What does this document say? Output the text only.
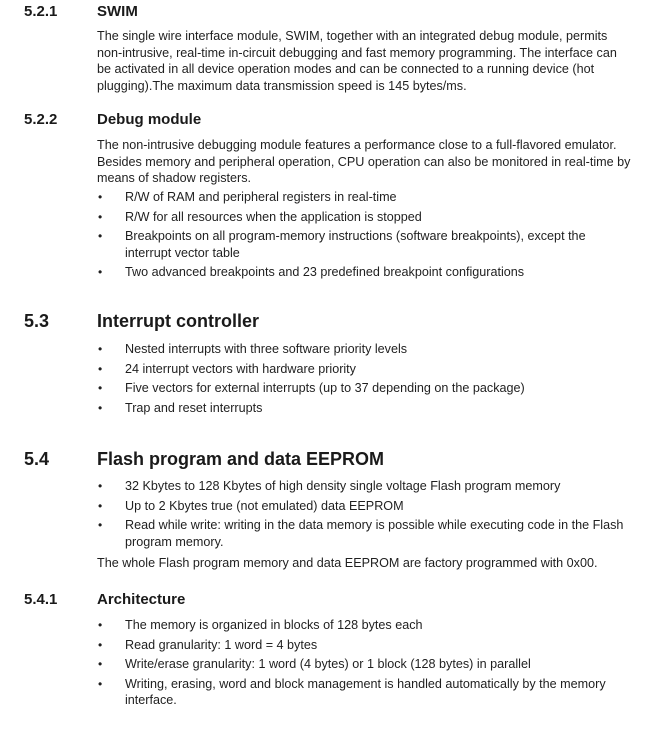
5.2.1	SWIM

The single wire interface module, SWIM, together with an integrated debug module, permits non-intrusive, real-time in-circuit debugging and fast memory programming. The interface can be activated in all device operation modes and can be connected to a running device (hot plugging).The maximum data transmission speed is 145 bytes/ms.

5.2.2	Debug module

The non-intrusive debugging module features a performance close to a full-flavored emulator. Besides memory and peripheral operation, CPU operation can also be monitored in real-time by means of shadow registers.

• R/W of RAM and peripheral registers in real-time
• R/W for all resources when the application is stopped
• Breakpoints on all program-memory instructions (software breakpoints), except the interrupt vector table
• Two advanced breakpoints and 23 predefined breakpoint configurations
5.3	Interrupt controller
• Nested interrupts with three software priority levels
• 24 interrupt vectors with hardware priority
• Five vectors for external interrupts (up to 37 depending on the package)
• Trap and reset interrupts
5.4	Flash program and data EEPROM
• 32 Kbytes to 128 Kbytes of high density single voltage Flash program memory
• Up to 2 Kbytes true (not emulated) data EEPROM
• Read while write: writing in the data memory is possible while executing code in the Flash program memory.

The whole Flash program memory and data EEPROM are factory programmed with 0x00.

5.4.1	Architecture
• The memory is organized in blocks of 128 bytes each
• Read granularity: 1 word = 4 bytes
• Write/erase granularity: 1 word (4 bytes) or 1 block (128 bytes) in parallel
• Writing, erasing, word and block management is handled automatically by the memory interface.
